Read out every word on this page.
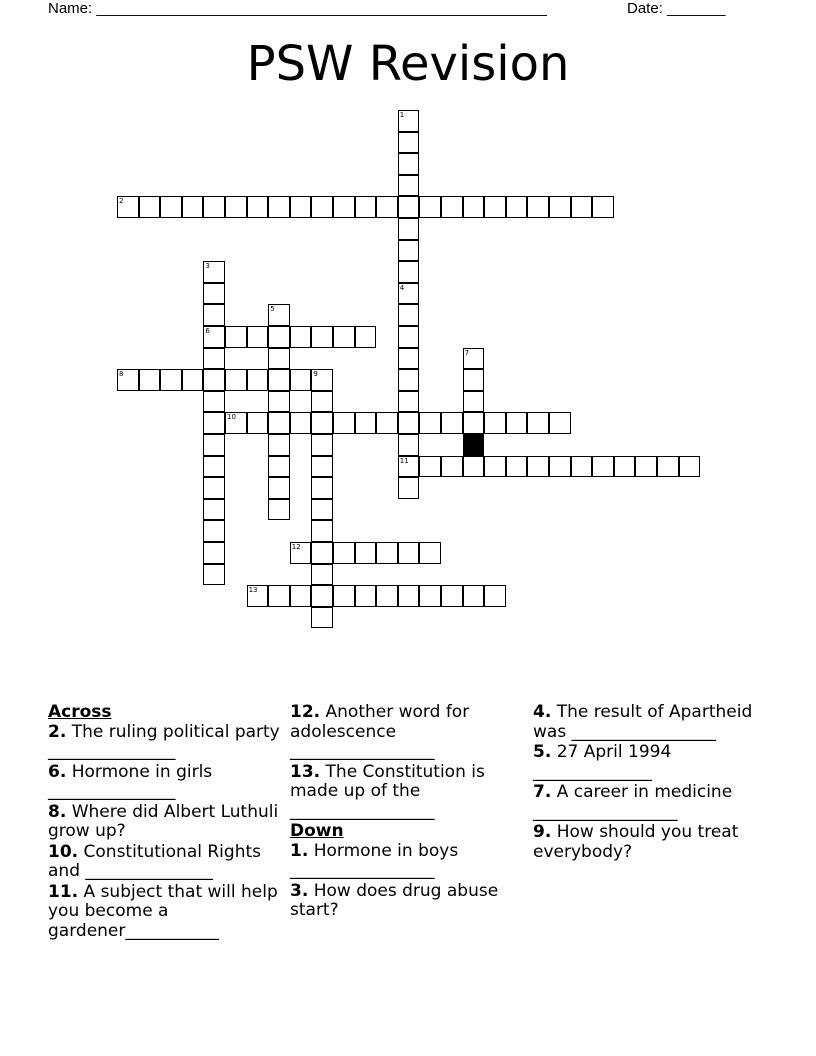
Name: ______________________________________________________	Date: _______
PSW Revision
1
2
3
4
5
6
7
8	9
10
11
12
13

Across

2. The ruling political party _______________

6. Hormone in girls _______________

8. Where did Albert Luthuli grow up?

10. Constitutional Rights and _______________

11. A subject that will help you become a gardener___________

12. Another word for adolescence _________________

13. The Constitution is made up of the _________________

Down

1. Hormone in boys _________________

3. How does drug abuse start?

4. The result of Apartheid was _________________

5. 27 April 1994 ______________

7. A career in medicine _________________

9. How should you treat everybody?
